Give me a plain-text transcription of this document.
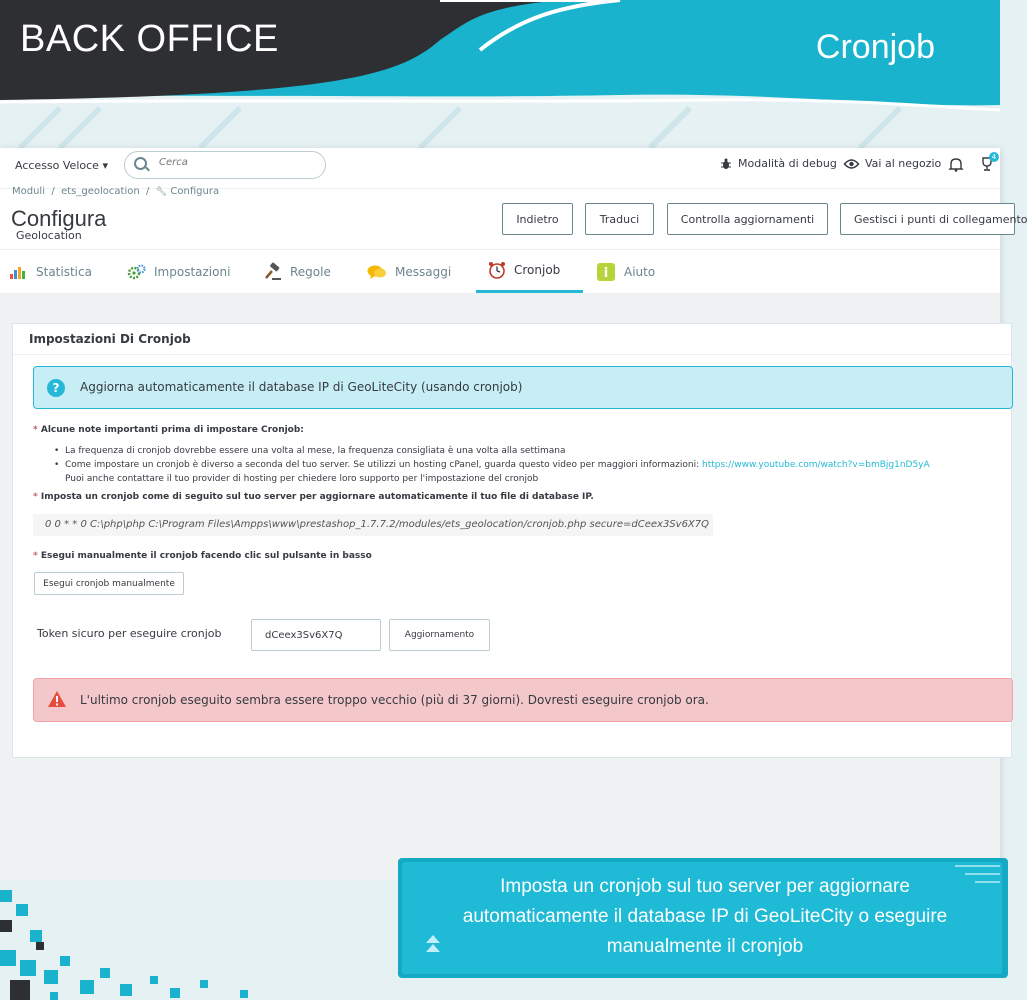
BACK OFFICE	Cronjob
Accesso Veloce ▾
Cerca	Modalità di debug	Vai al negozio	4
Moduli  /  ets_geolocation  /  🔧︎ Configura
Configura
Geolocation
Indietro	Traduci	Controlla aggiornamenti	Gestisci i punti di collegamento
Statistica	Impostazioni	Regole	Messaggi	Cronjob	i Aiuto
Impostazioni Di Cronjob
?	Aggiorna automaticamente il database IP di GeoLiteCity (usando cronjob)
* Alcune note importanti prima di impostare Cronjob:
• La frequenza di cronjob dovrebbe essere una volta al mese, la frequenza consigliata è una volta alla settimana
• Come impostare un cronjob è diverso a seconda del tuo server. Se utilizzi un hosting cPanel, guarda questo video per maggiori informazioni: https://www.youtube.com/watch?v=bmBjg1nD5yA
Puoi anche contattare il tuo provider di hosting per chiedere loro supporto per l'impostazione del cronjob
* Imposta un cronjob come di seguito sul tuo server per aggiornare automaticamente il tuo file di database IP.
0 0 * * 0 C:\php\php C:\Program Files\Ampps\www\prestashop_1.7.7.2/modules/ets_geolocation/cronjob.php secure=dCeex3Sv6X7Q
* Esegui manualmente il cronjob facendo clic sul pulsante in basso
Esegui cronjob manualmente
Token sicuro per eseguire cronjob
dCeex3Sv6X7Q	Aggiornamento
L'ultimo cronjob eseguito sembra essere troppo vecchio (più di 37 giorni). Dovresti eseguire cronjob ora.
Imposta un cronjob sul tuo server per aggiornare
automaticamente il database IP di GeoLiteCity o eseguire
manualmente il cronjob
